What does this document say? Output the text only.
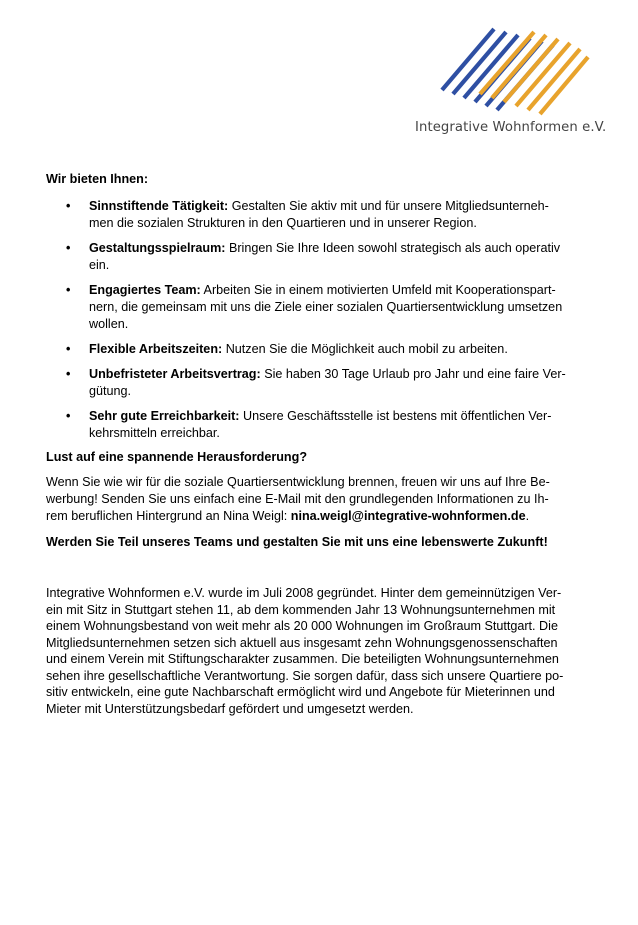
Integrative Wohnformen e.V.
Wir bieten Ihnen:
• Sinnstiftende Tätigkeit: Gestalten Sie aktiv mit und für unsere Mitgliedsunterneh-
men die sozialen Strukturen in den Quartieren und in unserer Region.
• Gestaltungsspielraum: Bringen Sie Ihre Ideen sowohl strategisch als auch operativ
ein.
• Engagiertes Team: Arbeiten Sie in einem motivierten Umfeld mit Kooperationspart-
nern, die gemeinsam mit uns die Ziele einer sozialen Quartiersentwicklung umsetzen
wollen.
• Flexible Arbeitszeiten: Nutzen Sie die Möglichkeit auch mobil zu arbeiten.
• Unbefristeter Arbeitsvertrag: Sie haben 30 Tage Urlaub pro Jahr und eine faire Ver-
gütung.
• Sehr gute Erreichbarkeit: Unsere Geschäftsstelle ist bestens mit öffentlichen Ver-
kehrsmitteln erreichbar.

Lust auf eine spannende Herausforderung?

Wenn Sie wie wir für die soziale Quartiersentwicklung brennen, freuen wir uns auf Ihre Be-
werbung! Senden Sie uns einfach eine E-Mail mit den grundlegenden Informationen zu Ih-
rem beruflichen Hintergrund an Nina Weigl: nina.weigl@integrative-wohnformen.de.

Werden Sie Teil unseres Teams und gestalten Sie mit uns eine lebenswerte Zukunft!

Integrative Wohnformen e.V. wurde im Juli 2008 gegründet. Hinter dem gemeinnützigen Ver-
ein mit Sitz in Stuttgart stehen 11, ab dem kommenden Jahr 13 Wohnungsunternehmen mit
einem Wohnungsbestand von weit mehr als 20 000 Wohnungen im Großraum Stuttgart. Die
Mitgliedsunternehmen setzen sich aktuell aus insgesamt zehn Wohnungsgenossenschaften
und einem Verein mit Stiftungscharakter zusammen. Die beteiligten Wohnungsunternehmen
sehen ihre gesellschaftliche Verantwortung. Sie sorgen dafür, dass sich unsere Quartiere po-
sitiv entwickeln, eine gute Nachbarschaft ermöglicht wird und Angebote für Mieterinnen und
Mieter mit Unterstützungsbedarf gefördert und umgesetzt werden.
